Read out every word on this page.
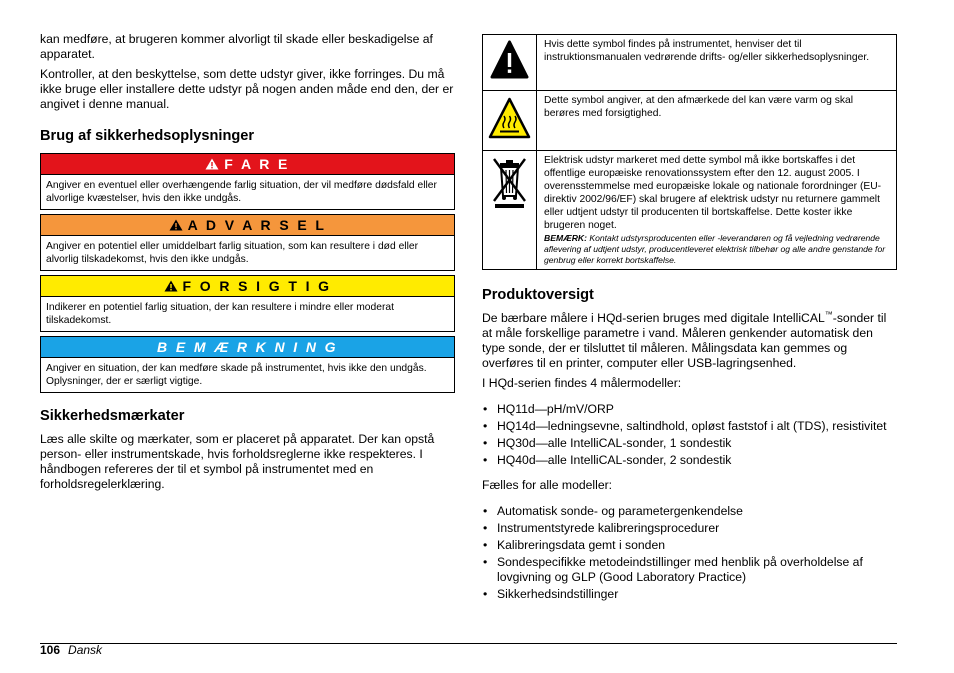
kan medføre, at brugeren kommer alvorligt til skade eller beskadigelse af apparatet.

Kontroller, at den beskyttelse, som dette udstyr giver, ikke forringes. Du må ikke bruge eller installere dette udstyr på nogen anden måde end den, der er angivet i denne manual.

Brug af sikkerhedsoplysninger
F A R E
Angiver en eventuel eller overhængende farlig situation, der vil medføre dødsfald eller alvorlige kvæstelser, hvis den ikke undgås.
A D V A R S E L
Angiver en potentiel eller umiddelbart farlig situation, som kan resultere i død eller alvorlig tilskadekomst, hvis den ikke undgås.
F O R S I G T I G
Indikerer en potentiel farlig situation, der kan resultere i mindre eller moderat tilskadekomst.
B E M Æ R K N I N G
Angiver en situation, der kan medføre skade på instrumentet, hvis ikke den undgås. Oplysninger, der er særligt vigtige.
Sikkerhedsmærkater

Læs alle skilte og mærkater, som er placeret på apparatet. Der kan opstå person- eller instrumentskade, hvis forholdsreglerne ikke respekteres. I håndbogen refereres der til et symbol på instrumentet med en forholdsregelerklæring.

	Hvis dette symbol findes på instrumentet, henviser det til instruktionsmanualen vedrørende drifts- og/eller sikkerhedsoplysninger.
	Dette symbol angiver, at den afmærkede del kan være varm og skal berøres med forsigtighed.

Elektrisk udstyr markeret med dette symbol må ikke bortskaffes i det offentlige europæiske renovationssystem efter den 12. august 2005. I overensstemmelse med europæiske lokale og nationale forordninger (EU-direktiv 2002/96/EF) skal brugere af elektrisk udstyr nu returnere gammelt eller udtjent udstyr til producenten til bortskaffelse. Dette koster ikke brugeren noget.
BEMÆRK: Kontakt udstyrsproducenten eller -leverandøren og få vejledning vedrørende aflevering af udtjent udstyr, producentleveret elektrisk tilbehør og alle andre genstande for genbrug eller korrekt bortskaffelse.
Produktoversigt

De bærbare målere i HQd-serien bruges med digitale IntelliCAL™-sonder til at måle forskellige parametre i vand. Måleren genkender automatisk den type sonde, der er tilsluttet til måleren. Målingsdata kan gemmes og overføres til en printer, computer eller USB-lagringsenhed.

I HQd-serien findes 4 målermodeller:

• HQ11d—pH/mV/ORP
• HQ14d—ledningsevne, saltindhold, opløst faststof i alt (TDS), resistivitet
• HQ30d—alle IntelliCAL-sonder, 1 sondestik
• HQ40d—alle IntelliCAL-sonder, 2 sondestik

Fælles for alle modeller:

• Automatisk sonde- og parametergenkendelse
• Instrumentstyrede kalibreringsprocedurer
• Kalibreringsdata gemt i sonden
• Sondespecifikke metodeindstillinger med henblik på overholdelse af lovgivning og GLP (Good Laboratory Practice)
• Sikkerhedsindstillinger
106 Dansk
